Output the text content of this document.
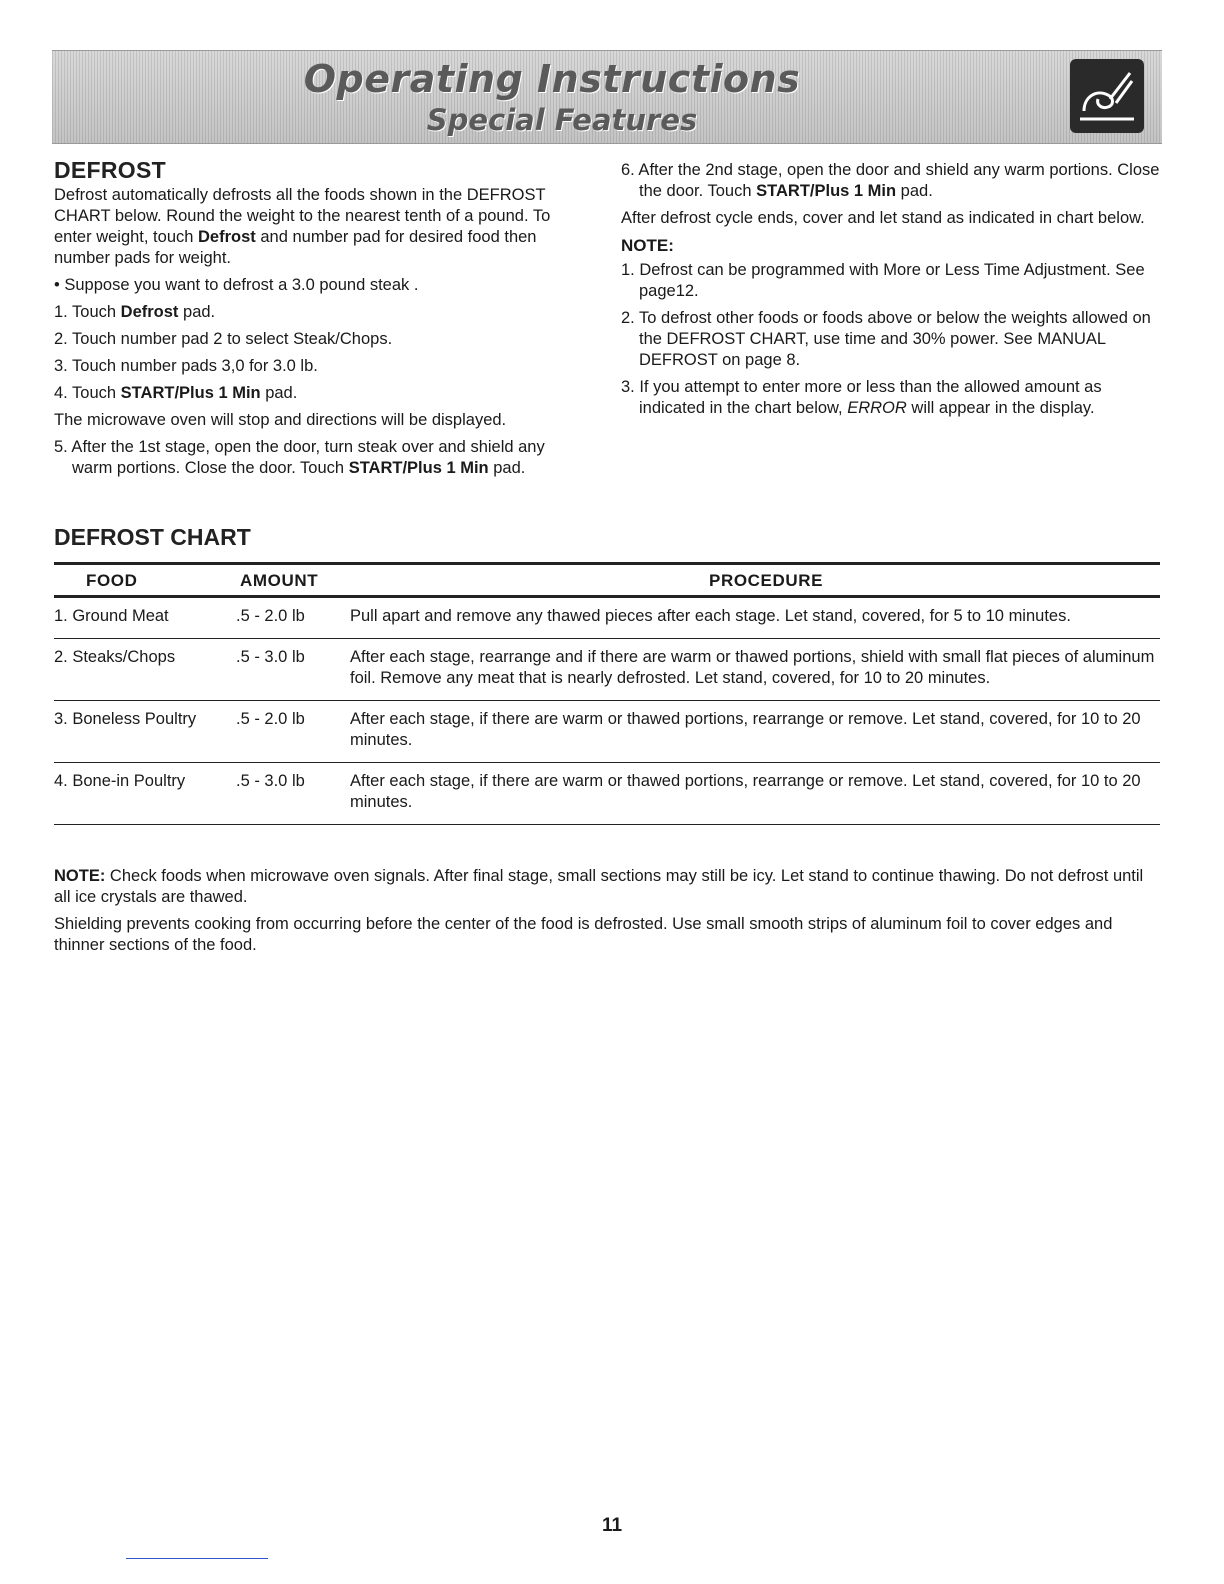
Operating Instructions
Special Features
DEFROST

Defrost automatically defrosts all the foods shown in the DEFROST CHART below. Round the weight to the nearest tenth of a pound. To enter weight, touch Defrost and number pad for desired food then number pads for weight.

• Suppose you want to defrost a 3.0 pound steak .

1. Touch Defrost pad.

2. Touch number pad 2 to select Steak/Chops.

3. Touch number pads 3,0 for 3.0 lb.

4. Touch START/Plus 1 Min pad.

The microwave oven will stop and directions will be displayed.

5. After the 1st stage, open the door, turn steak over and shield any warm portions. Close the door. Touch START/Plus 1 Min pad.

6. After the 2nd stage, open the door and shield any warm portions. Close the door. Touch START/Plus 1 Min pad.

After defrost cycle ends, cover and let stand as indicated in chart below.

NOTE:

1. Defrost can be programmed with More or Less Time Adjustment. See page12.

2. To defrost other foods or foods above or below the weights allowed on the DEFROST CHART, use time and 30% power. See MANUAL DEFROST on page 8.

3. If you attempt to enter more or less than the allowed amount as indicated in the chart below, ERROR will appear in the display.

DEFROST CHART
FOOD	AMOUNT	PROCEDURE
1. Ground Meat	.5 - 2.0 lb	Pull apart and remove any thawed pieces after each stage. Let stand, covered, for 5 to 10 minutes.
2. Steaks/Chops	.5 - 3.0 lb	After each stage, rearrange and if there are warm or thawed portions, shield with small flat pieces of aluminum foil. Remove any meat that is nearly defrosted. Let stand, covered, for 10 to 20 minutes.
3. Boneless Poultry .5 - 2.0 lb	After each stage, if there are warm or thawed portions, rearrange or remove. Let stand, covered, for 10 to 20 minutes.
4. Bone-in Poultry	.5 - 3.0 lb	After each stage, if there are warm or thawed portions, rearrange or remove. Let stand, covered, for 10 to 20 minutes.

NOTE: Check foods when microwave oven signals. After final stage, small sections may still be icy. Let stand to continue thawing. Do not defrost until all ice crystals are thawed.

Shielding prevents cooking from occurring before the center of the food is defrosted. Use small smooth strips of aluminum foil to cover edges and thinner sections of the food.

11
